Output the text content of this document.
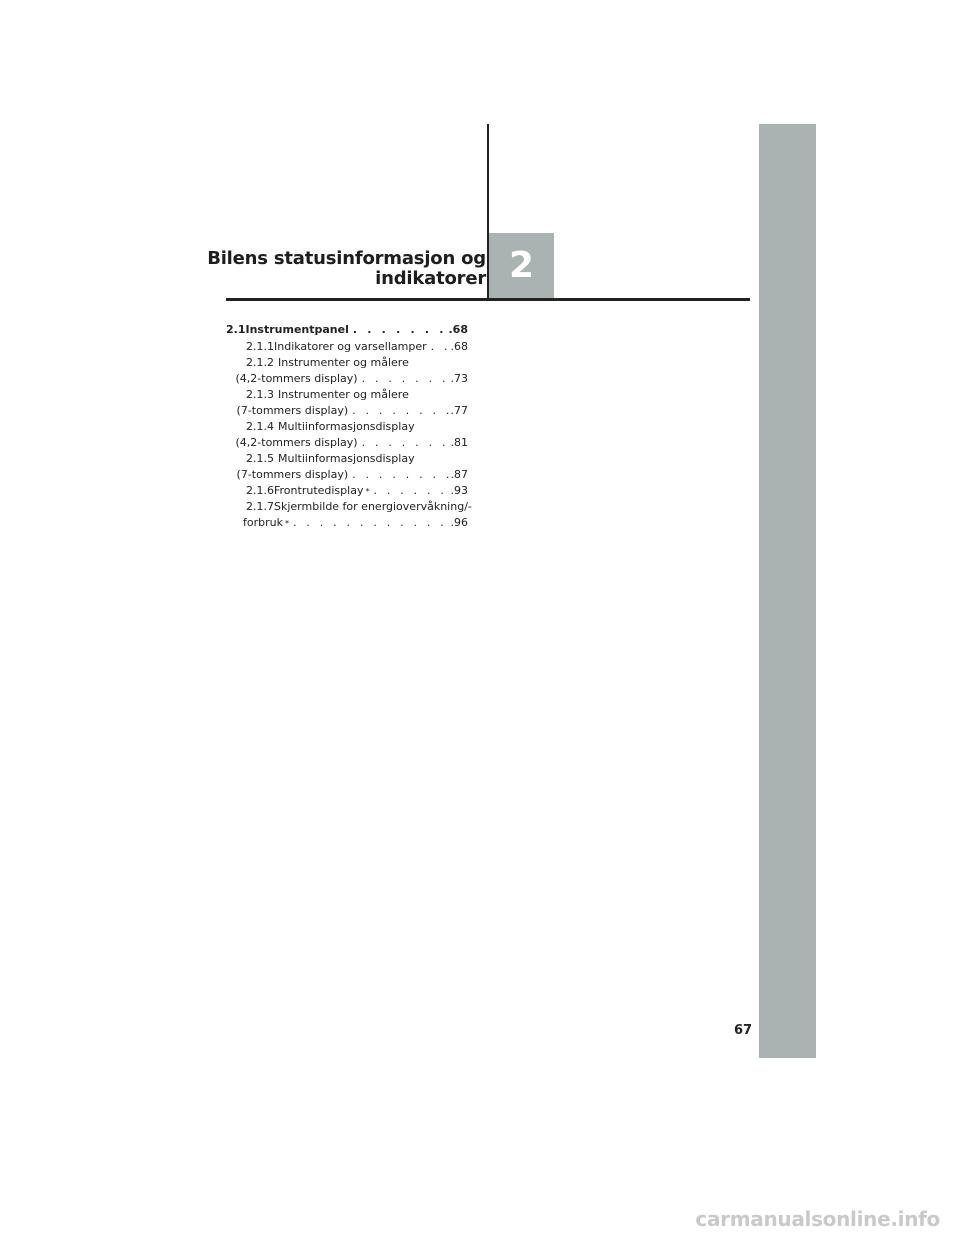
2
Bilens statusinformasjon og
indikatorer
2.1 Instrumentpanel . . .	.68
2.1.1 Indikatorer og varsellamper . . . .68
2.1.2 Instrumenter og målere
(4,2-tommers display) . . .	.73
2.1.3 Instrumenter og målere
(7-tommers display) . . .	.77
2.1.4 Multiinformasjonsdisplay
(4,2-tommers display) . . .	.81
2.1.5 Multiinformasjonsdisplay
(7-tommers display) . . .	.87
2.1.6 Frontrutedisplay * . . .	.93
2.1.7 Skjermbilde for energiovervåkning/-
forbruk * . . .	.96
67
carmanualsonline.info
